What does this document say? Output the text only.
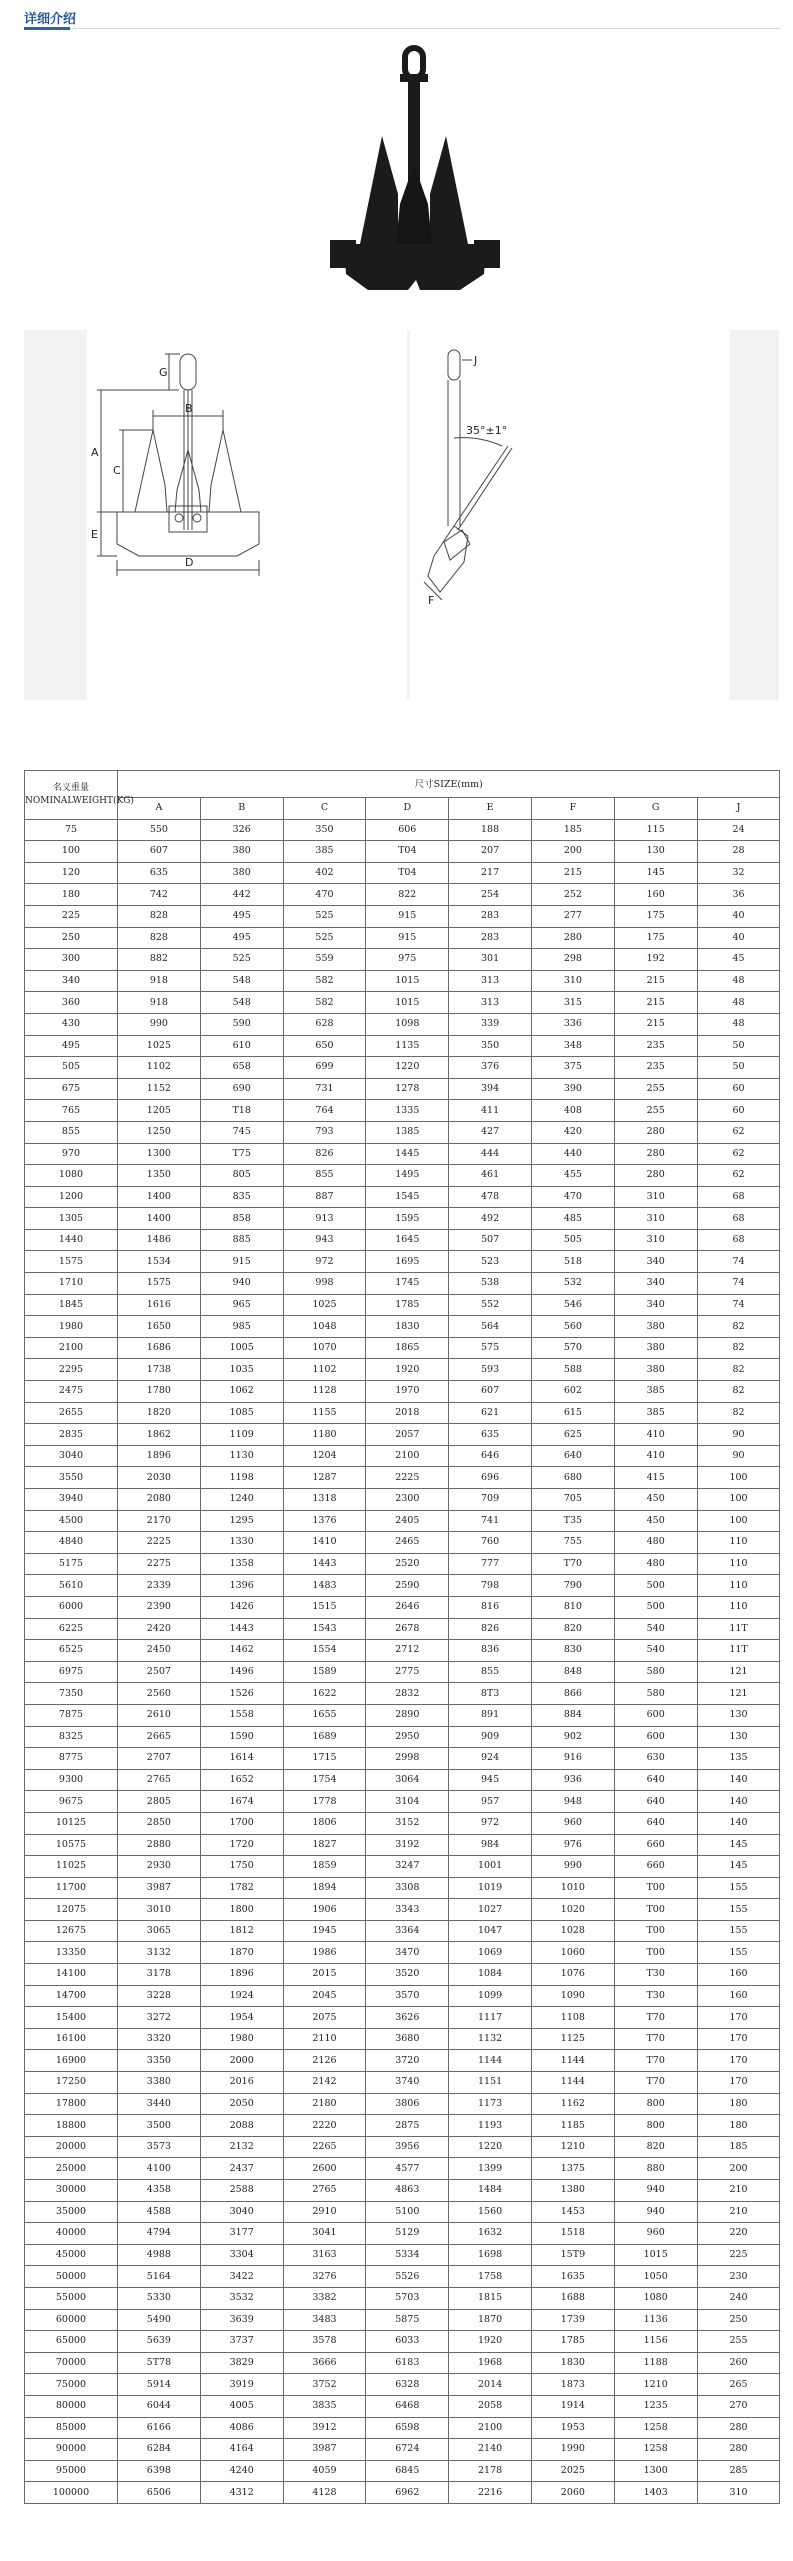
详细介绍
G
B
A
C
E
D
J
35°±1°
F
名义重量
NOMINALWEIGHT(KG)	尺寸SIZE(mm)							
	A	B	C	D	E	F	G	J
75	550	326	350	606	188	185	115	24
100	607	380	385	T04	207	200	130	28
120	635	380	402	T04	217	215	145	32
180	742	442	470	822	254	252	160	36
225	828	495	525	915	283	277	175	40
250	828	495	525	915	283	280	175	40
300	882	525	559	975	301	298	192	45
340	918	548	582	1015	313	310	215	48
360	918	548	582	1015	313	315	215	48
430	990	590	628	1098	339	336	215	48
495	1025	610	650	1135	350	348	235	50
505	1102	658	699	1220	376	375	235	50
675	1152	690	731	1278	394	390	255	60
765	1205	T18	764	1335	411	408	255	60
855	1250	745	793	1385	427	420	280	62
970	1300	T75	826	1445	444	440	280	62
1080	1350	805	855	1495	461	455	280	62
1200	1400	835	887	1545	478	470	310	68
1305	1400	858	913	1595	492	485	310	68
1440	1486	885	943	1645	507	505	310	68
1575	1534	915	972	1695	523	518	340	74
1710	1575	940	998	1745	538	532	340	74
1845	1616	965	1025	1785	552	546	340	74
1980	1650	985	1048	1830	564	560	380	82
2100	1686	1005	1070	1865	575	570	380	82
2295	1738	1035	1102	1920	593	588	380	82
2475	1780	1062	1128	1970	607	602	385	82
2655	1820	1085	1155	2018	621	615	385	82
2835	1862	1109	1180	2057	635	625	410	90
3040	1896	1130	1204	2100	646	640	410	90
3550	2030	1198	1287	2225	696	680	415	100
3940	2080	1240	1318	2300	709	705	450	100
4500	2170	1295	1376	2405	741	T35	450	100
4840	2225	1330	1410	2465	760	755	480	110
5175	2275	1358	1443	2520	777	T70	480	110
5610	2339	1396	1483	2590	798	790	500	110
6000	2390	1426	1515	2646	816	810	500	110
6225	2420	1443	1543	2678	826	820	540	11T
6525	2450	1462	1554	2712	836	830	540	11T
6975	2507	1496	1589	2775	855	848	580	121
7350	2560	1526	1622	2832	8T3	866	580	121
7875	2610	1558	1655	2890	891	884	600	130
8325	2665	1590	1689	2950	909	902	600	130
8775	2707	1614	1715	2998	924	916	630	135
9300	2765	1652	1754	3064	945	936	640	140
9675	2805	1674	1778	3104	957	948	640	140
10125	2850	1700	1806	3152	972	960	640	140
10575	2880	1720	1827	3192	984	976	660	145
11025	2930	1750	1859	3247	1001	990	660	145
11700	3987	1782	1894	3308	1019	1010	T00	155
12075	3010	1800	1906	3343	1027	1020	T00	155
12675	3065	1812	1945	3364	1047	1028	T00	155
13350	3132	1870	1986	3470	1069	1060	T00	155
14100	3178	1896	2015	3520	1084	1076	T30	160
14700	3228	1924	2045	3570	1099	1090	T30	160
15400	3272	1954	2075	3626	1117	1108	T70	170
16100	3320	1980	2110	3680	1132	1125	T70	170
16900	3350	2000	2126	3720	1144	1144	T70	170
17250	3380	2016	2142	3740	1151	1144	T70	170
17800	3440	2050	2180	3806	1173	1162	800	180
18800	3500	2088	2220	2875	1193	1185	800	180
20000	3573	2132	2265	3956	1220	1210	820	185
25000	4100	2437	2600	4577	1399	1375	880	200
30000	4358	2588	2765	4863	1484	1380	940	210
35000	4588	3040	2910	5100	1560	1453	940	210
40000	4794	3177	3041	5129	1632	1518	960	220
45000	4988	3304	3163	5334	1698	15T9	1015	225
50000	5164	3422	3276	5526	1758	1635	1050	230
55000	5330	3532	3382	5703	1815	1688	1080	240
60000	5490	3639	3483	5875	1870	1739	1136	250
65000	5639	3737	3578	6033	1920	1785	1156	255
70000	5T78	3829	3666	6183	1968	1830	1188	260
75000	5914	3919	3752	6328	2014	1873	1210	265
80000	6044	4005	3835	6468	2058	1914	1235	270
85000	6166	4086	3912	6598	2100	1953	1258	280
90000	6284	4164	3987	6724	2140	1990	1258	280
95000	6398	4240	4059	6845	2178	2025	1300	285
100000	6506	4312	4128	6962	2216	2060	1403	310
